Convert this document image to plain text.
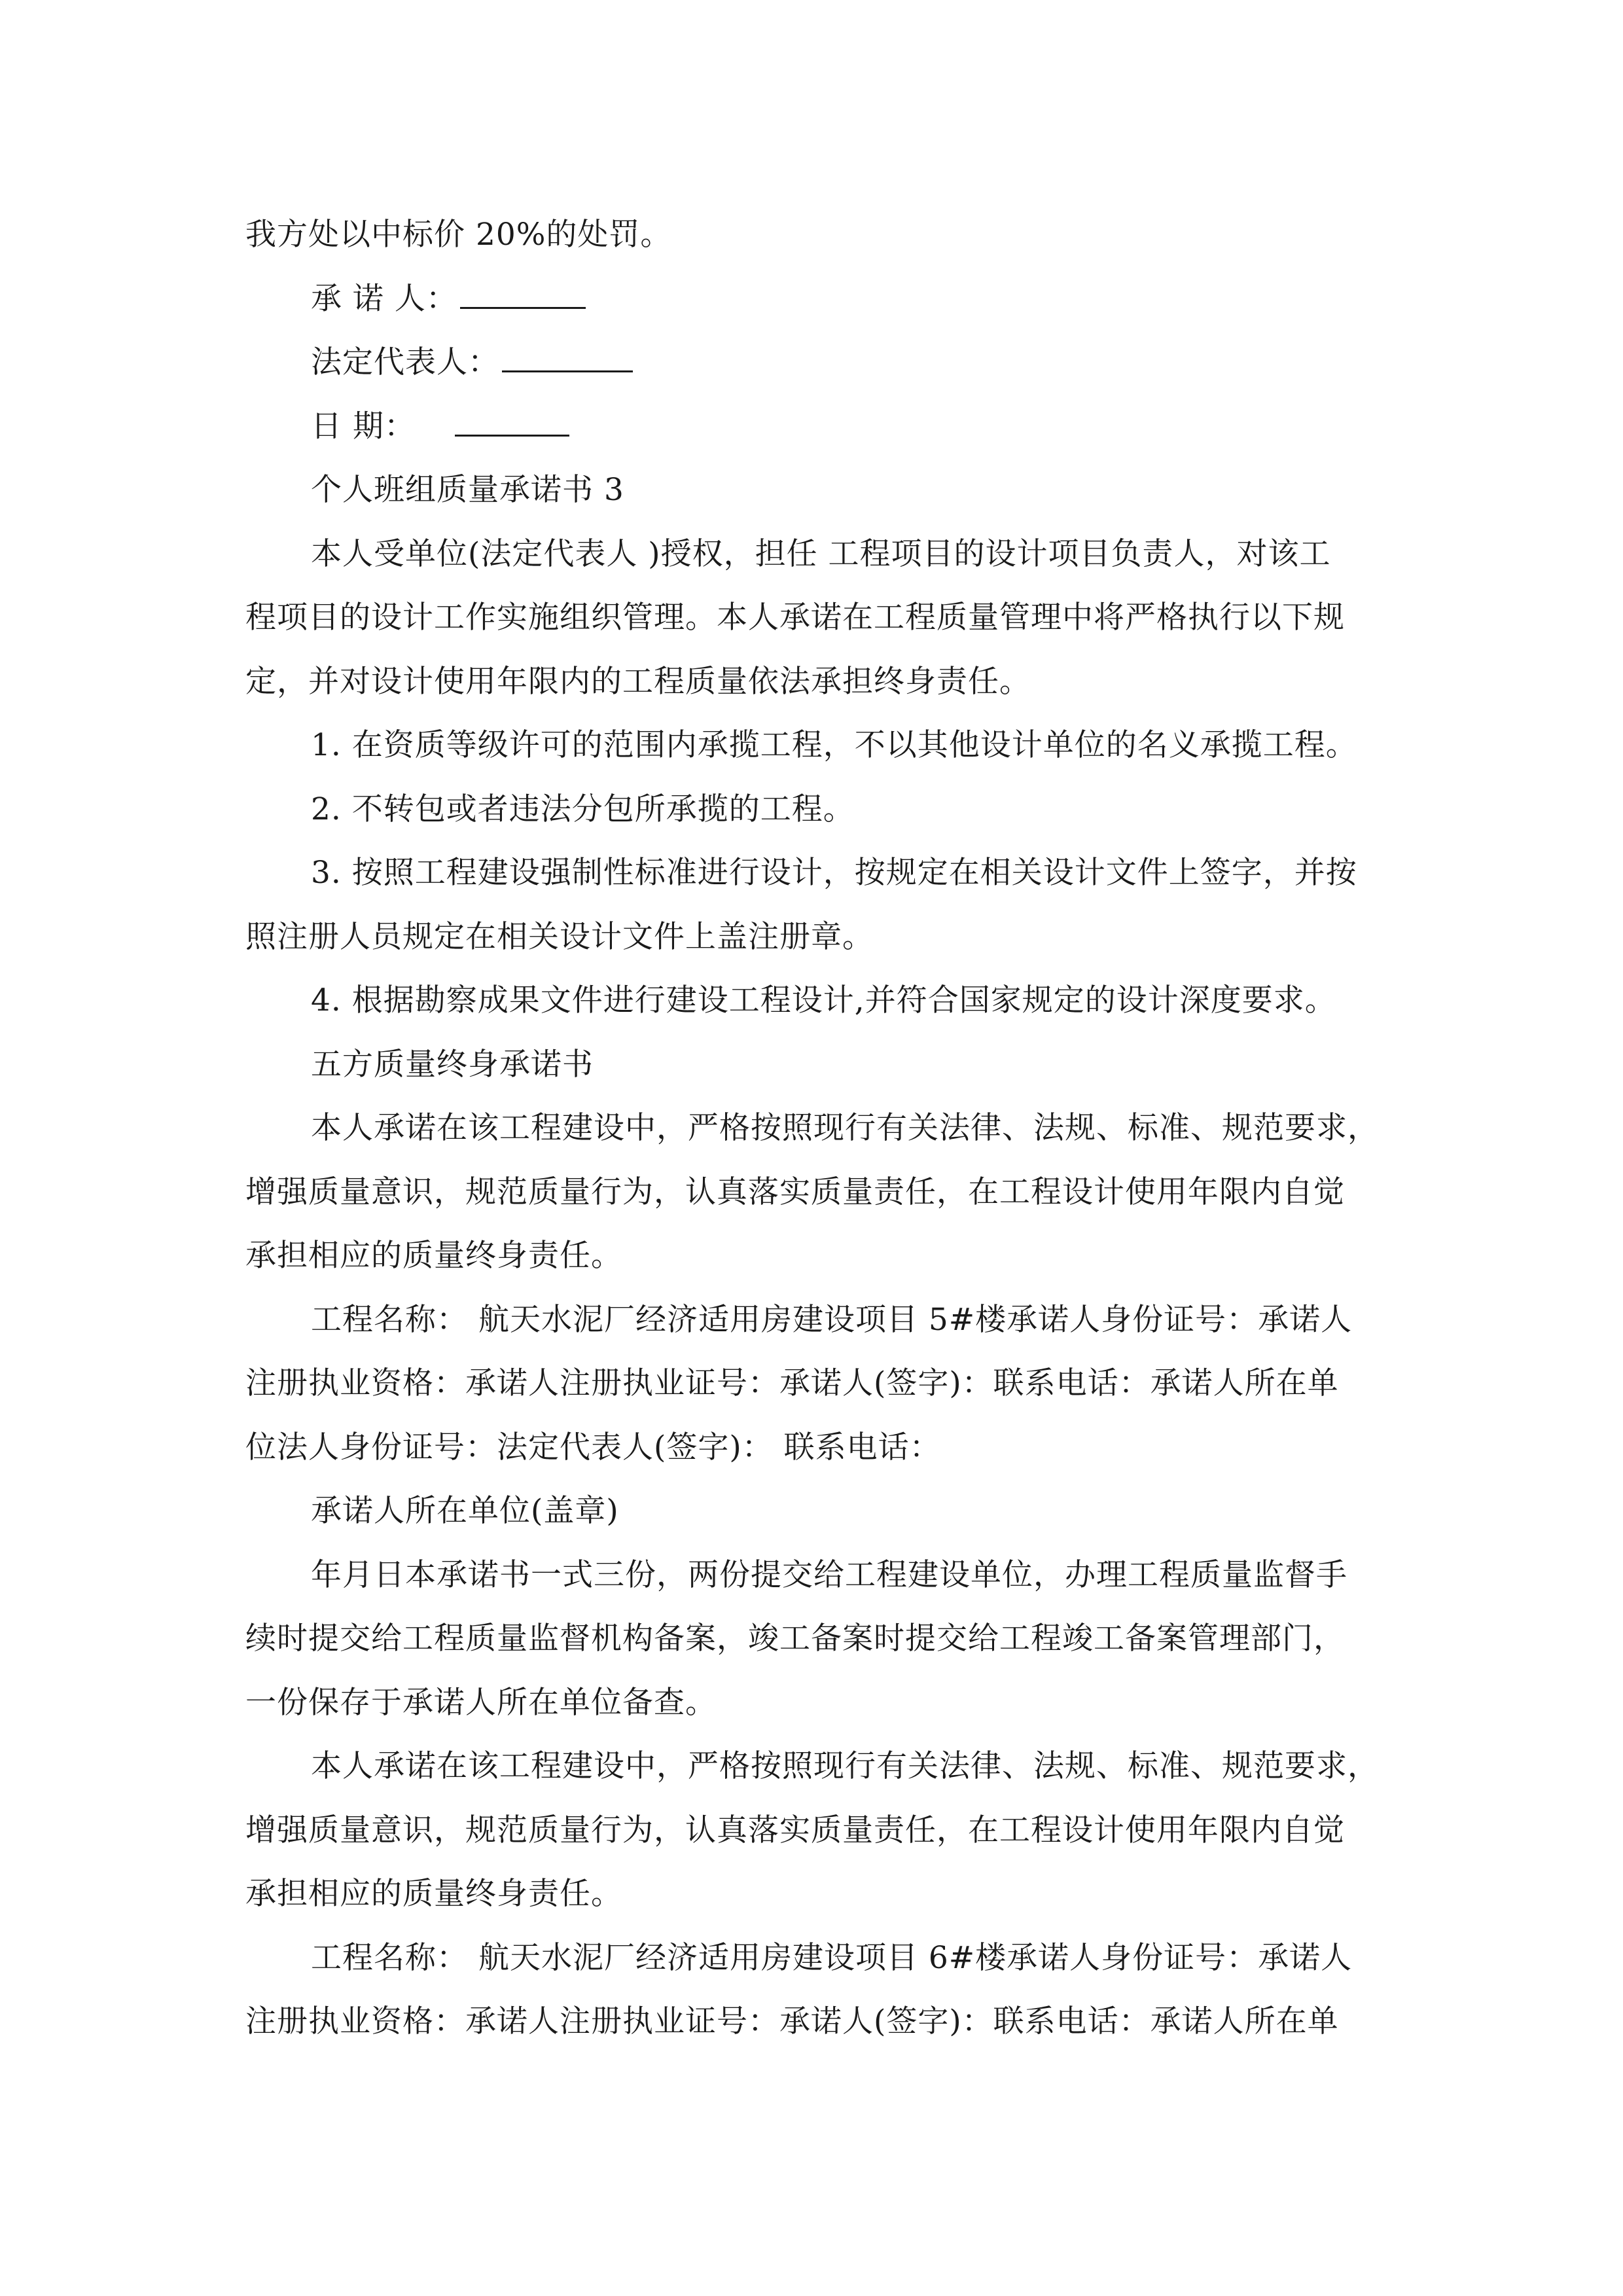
我方处以中标价 20%的处罚。
承 诺 人：
法定代表人：
日 期：
个人班组质量承诺书 3
本人受单位(法定代表人 )授权，担任 工程项目的设计项目负责人，对该工
程项目的设计工作实施组织管理。本人承诺在工程质量管理中将严格执行以下规
定，并对设计使用年限内的工程质量依法承担终身责任。
1. 在资质等级许可的范围内承揽工程，不以其他设计单位的名义承揽工程。
2. 不转包或者违法分包所承揽的工程。
3. 按照工程建设强制性标准进行设计，按规定在相关设计文件上签字，并按
照注册人员规定在相关设计文件上盖注册章。
4. 根据勘察成果文件进行建设工程设计,并符合国家规定的设计深度要求。
五方质量终身承诺书
本人承诺在该工程建设中，严格按照现行有关法律、法规、标准、规范要求，
增强质量意识，规范质量行为，认真落实质量责任，在工程设计使用年限内自觉
承担相应的质量终身责任。
工程名称： 航天水泥厂经济适用房建设项目 5#楼承诺人身份证号：承诺人
注册执业资格：承诺人注册执业证号：承诺人(签字)：联系电话：承诺人所在单
位法人身份证号：法定代表人(签字)： 联系电话：
承诺人所在单位(盖章)
年月日本承诺书一式三份，两份提交给工程建设单位，办理工程质量监督手
续时提交给工程质量监督机构备案，竣工备案时提交给工程竣工备案管理部门，
一份保存于承诺人所在单位备查。
本人承诺在该工程建设中，严格按照现行有关法律、法规、标准、规范要求，
增强质量意识，规范质量行为，认真落实质量责任，在工程设计使用年限内自觉
承担相应的质量终身责任。
工程名称： 航天水泥厂经济适用房建设项目 6#楼承诺人身份证号：承诺人
注册执业资格：承诺人注册执业证号：承诺人(签字)：联系电话：承诺人所在单
